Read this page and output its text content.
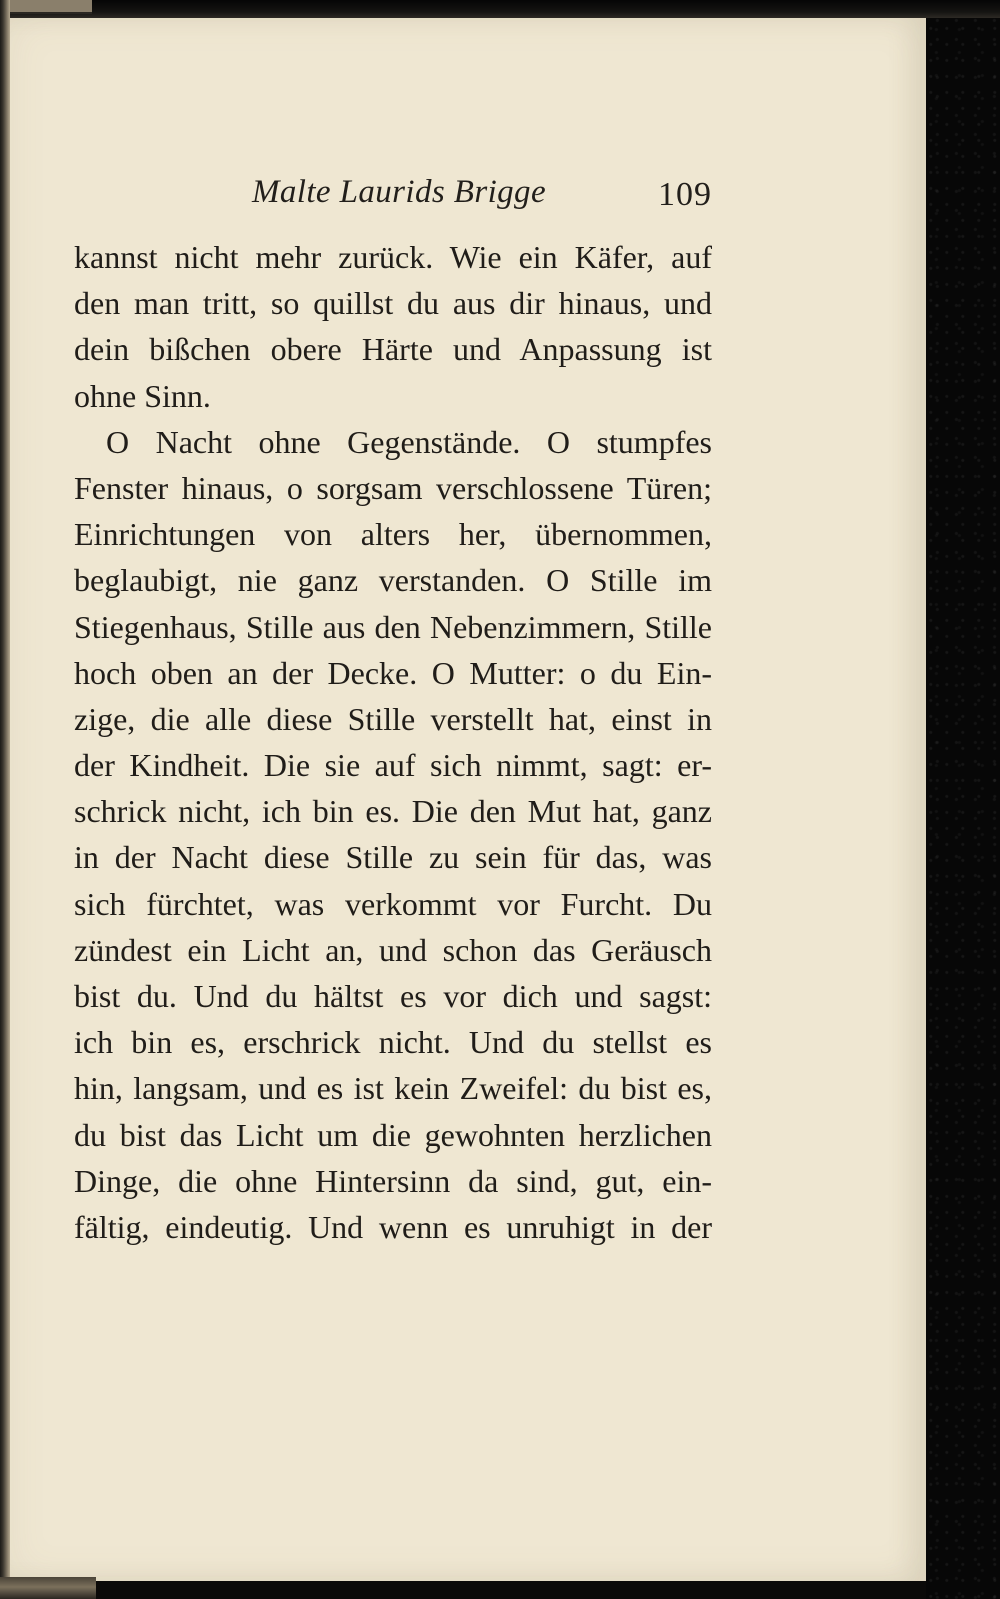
Malte Laurids Brigge	109
kannst nicht mehr zurück. Wie ein Käfer, auf
den man tritt, so quillst du aus dir hinaus, und
dein bißchen obere Härte und Anpassung ist
ohne Sinn.
O Nacht ohne Gegenstände. O stumpfes
Fenster hinaus, o sorgsam verschlossene Türen;
Einrichtungen von alters her, übernommen,
beglaubigt, nie ganz verstanden. O Stille im
Stiegenhaus, Stille aus den Nebenzimmern, Stille
hoch oben an der Decke. O Mutter: o du Ein-
zige, die alle diese Stille verstellt hat, einst in
der Kindheit. Die sie auf sich nimmt, sagt: er-
schrick nicht, ich bin es. Die den Mut hat, ganz
in der Nacht diese Stille zu sein für das, was
sich fürchtet, was verkommt vor Furcht. Du
zündest ein Licht an, und schon das Geräusch
bist du. Und du hältst es vor dich und sagst:
ich bin es, erschrick nicht. Und du stellst es
hin, langsam, und es ist kein Zweifel: du bist es,
du bist das Licht um die gewohnten herzlichen
Dinge, die ohne Hintersinn da sind, gut, ein-
fältig, eindeutig. Und wenn es unruhigt in der
